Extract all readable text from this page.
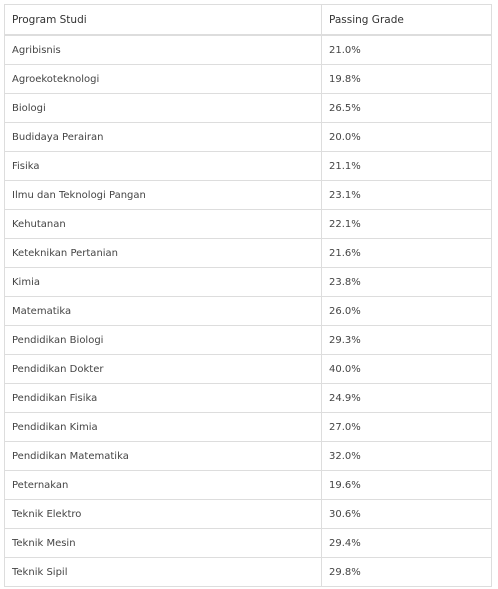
Program Studi	Passing Grade
Agribisnis	21.0%
Agroekoteknologi	19.8%
Biologi	26.5%
Budidaya Perairan	20.0%
Fisika	21.1%
Ilmu dan Teknologi Pangan	23.1%
Kehutanan	22.1%
Keteknikan Pertanian	21.6%
Kimia	23.8%
Matematika	26.0%
Pendidikan Biologi	29.3%
Pendidikan Dokter	40.0%
Pendidikan Fisika	24.9%
Pendidikan Kimia	27.0%
Pendidikan Matematika	32.0%
Peternakan	19.6%
Teknik Elektro	30.6%
Teknik Mesin	29.4%
Teknik Sipil	29.8%
